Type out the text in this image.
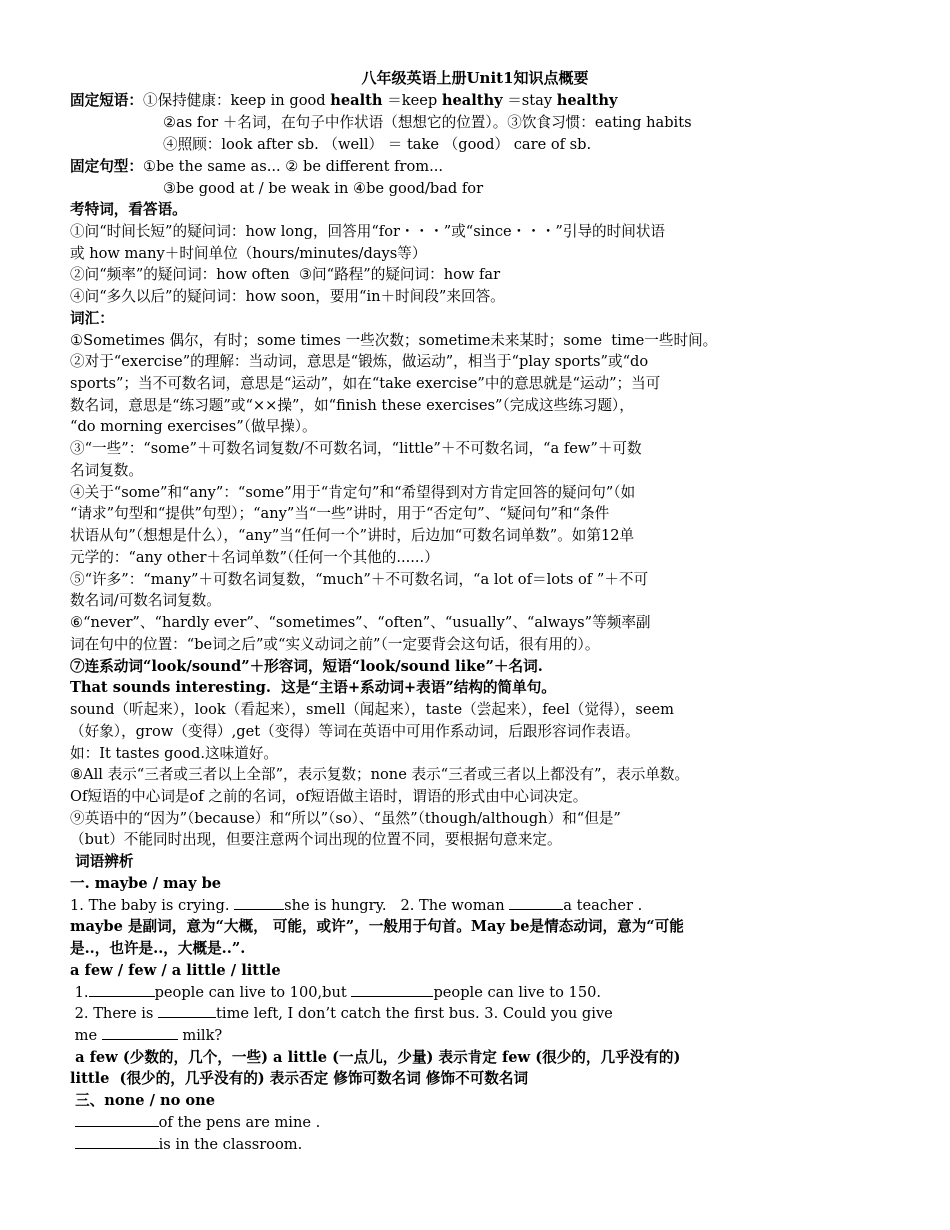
八年级英语上册Unit1知识点概要
固定短语：①保持健康：keep in good health ＝keep healthy ＝stay healthy
②as for ＋名词，在句子中作状语（想想它的位置）。③饮食习惯：eating habits
④照顾：look after sb. （well） ＝ take （good） care of sb.
固定句型：①be the same as... ② be different from...
③be good at / be weak in ④be good/bad for
考特词，看答语。
①问“时间长短”的疑问词：how long，回答用“for・・・”或“since・・・”引导的时间状语
或 how many＋时间单位（hours/minutes/days等）
②问“频率”的疑问词：how often  ③问“路程”的疑问词：how far
④问“多久以后”的疑问词：how soon，要用“in＋时间段”来回答。
词汇：
①Sometimes 偶尔，有时；some times 一些次数；sometime未来某时；some  time一些时间。
②对于“exercise”的理解：当动词，意思是“锻炼，做运动”，相当于“play sports”或“do
sports”；当不可数名词，意思是“运动”，如在“take exercise”中的意思就是“运动”；当可
数名词，意思是“练习题”或“××操”，如“finish these exercises”（完成这些练习题），
“do morning exercises”（做早操）。
③“一些”：“some”＋可数名词复数/不可数名词，“little”＋不可数名词，“a few”＋可数
名词复数。
④关于“some”和“any”：“some”用于“肯定句”和“希望得到对方肯定回答的疑问句”（如
“请求”句型和“提供”句型）；“any”当“一些”讲时，用于“否定句”、“疑问句”和“条件
状语从句”（想想是什么），“any”当“任何一个”讲时，后边加“可数名词单数”。如第12单
元学的：“any other＋名词单数”（任何一个其他的......）
⑤“许多”：“many”＋可数名词复数，“much”＋不可数名词，“a lot of＝lots of ”＋不可
数名词/可数名词复数。
⑥“never”、“hardly ever”、“sometimes”、“often”、“usually”、“always”等频率副
词在句中的位置：“be词之后”或“实义动词之前”（一定要背会这句话，很有用的）。
⑦连系动词“look/sound”＋形容词，短语“look/sound like”＋名词.
That sounds interesting.  这是“主语+系动词+表语”结构的简单句。
sound（听起来），look（看起来），smell（闻起来），taste（尝起来），feel（觉得），seem
（好象），grow（变得）,get（变得）等词在英语中可用作系动词，后跟形容词作表语。
如：It tastes good.这味道好。
⑧All 表示“三者或三者以上全部”，表示复数；none 表示“三者或三者以上都没有”，表示单数。
Of短语的中心词是of 之前的名词，of短语做主语时，谓语的形式由中心词决定。
⑨英语中的“因为”（because）和“所以”（so）、“虽然”（though/although）和“但是”
（but）不能同时出现，但要注意两个词出现的位置不同，要根据句意来定。
词语辨析
一. maybe / may be
1. The baby is crying.	she is hungry.   2. The woman	a teacher .
maybe 是副词，意为“大概， 可能，或许”，一般用于句首。May be是情态动词，意为“可能
是..，也许是..，大概是..”.
a few / few / a little / little
1.	people can live to 100,but	people can live to 150.
2. There is	time left, I don’t catch the first bus. 3. Could you give
me	milk?
a few (少数的，几个，一些) a little (一点儿，少量) 表示肯定 few (很少的，几乎没有的)
little  (很少的，几乎没有的) 表示否定 修饰可数名词 修饰不可数名词
三、none / no one
of the pens are mine .
is in the classroom.
